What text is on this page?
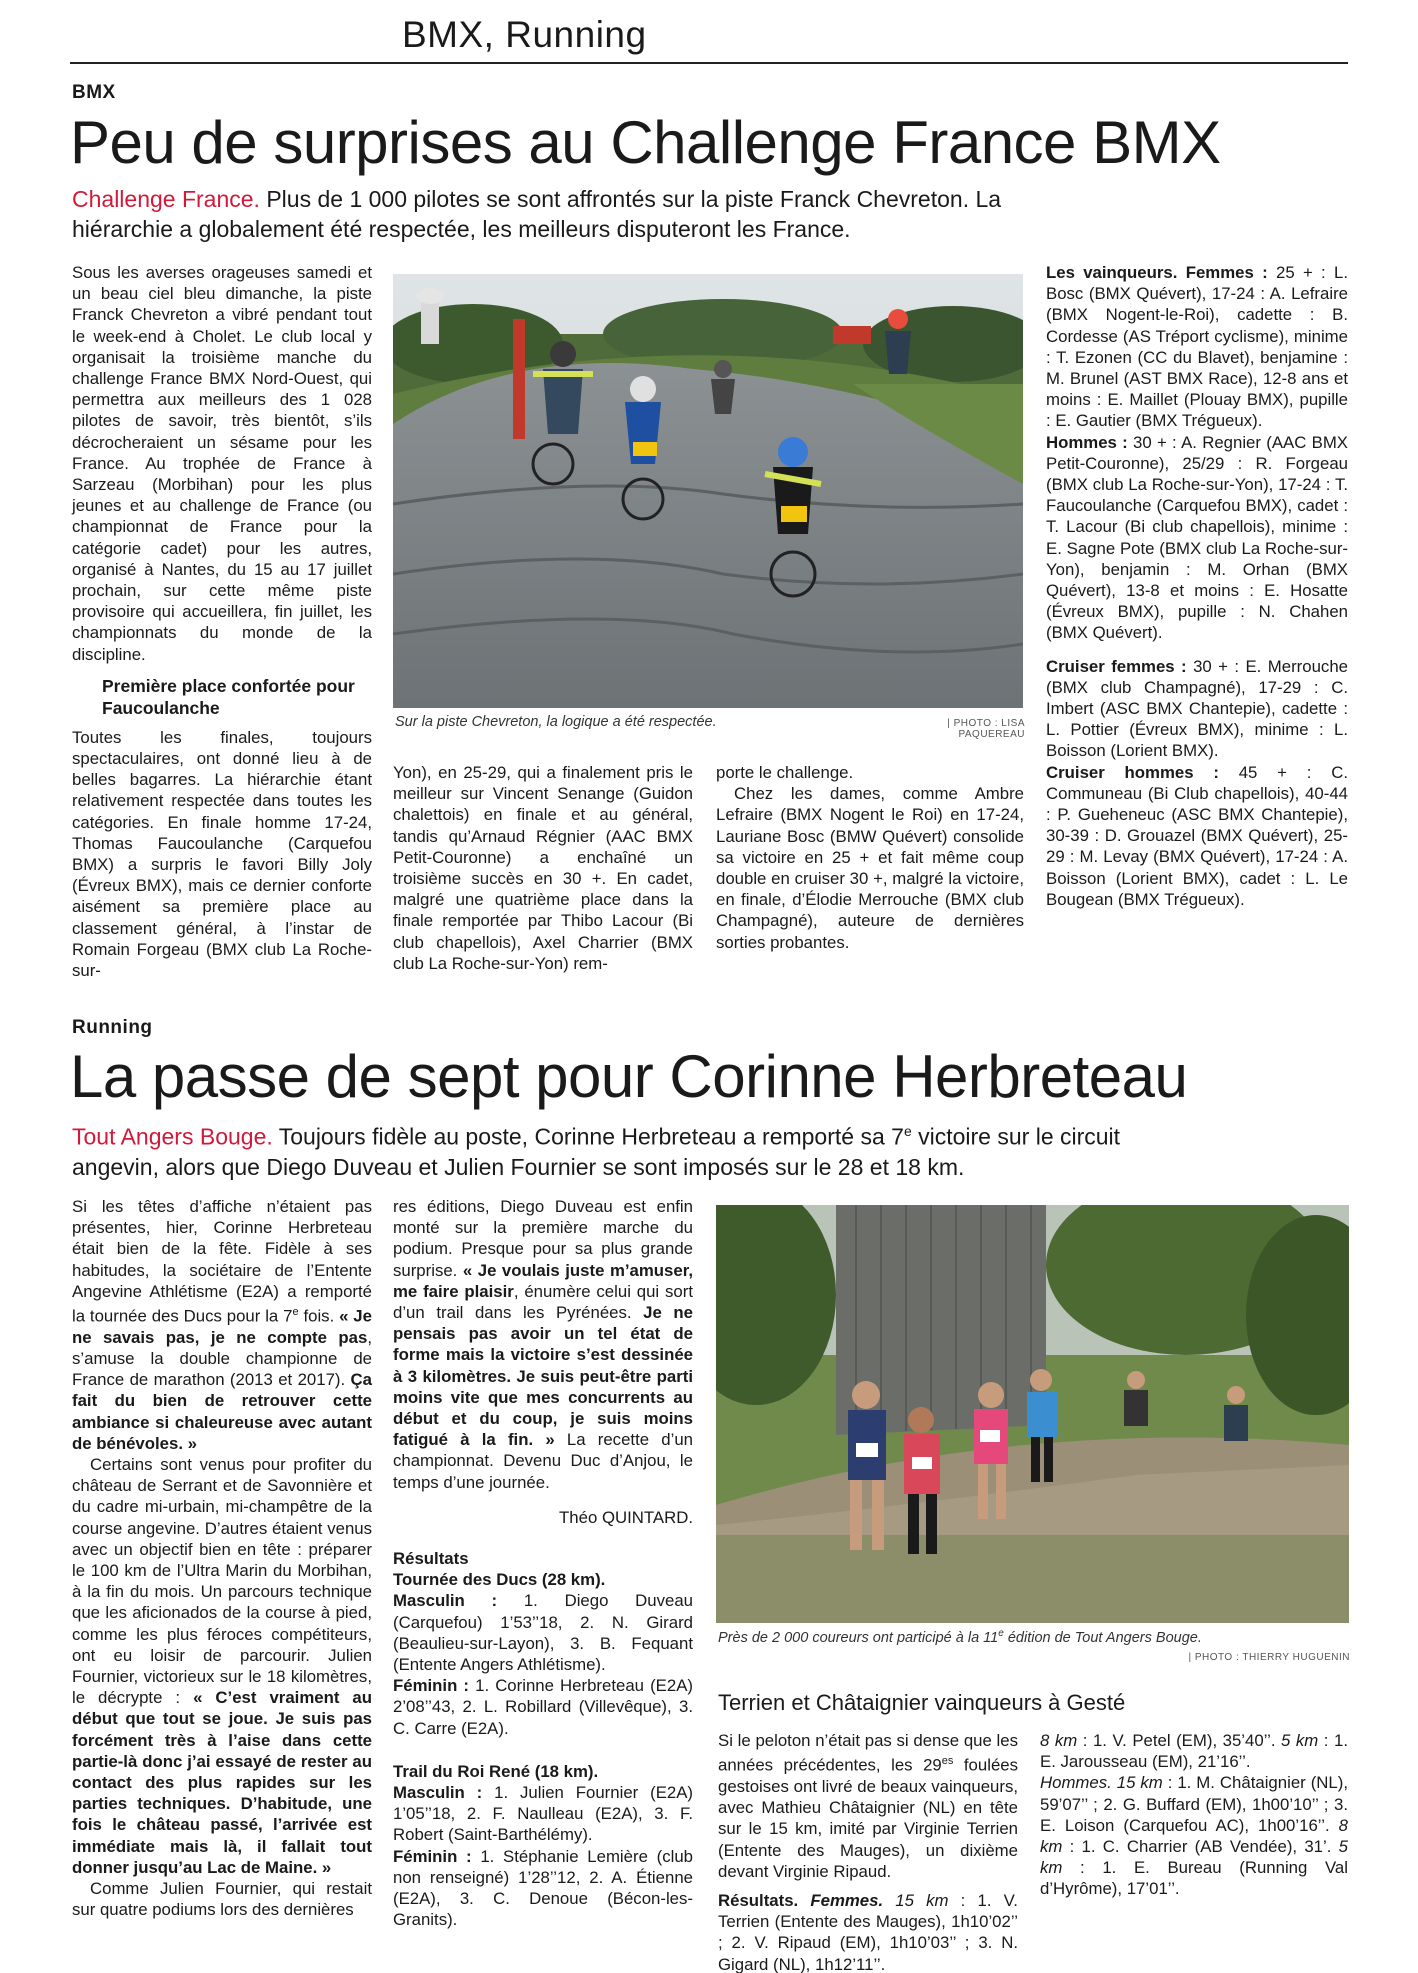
BMX, Running
BMX
Peu de surprises au Challenge France BMX
Challenge France. Plus de 1 000 pilotes se sont affrontés sur la piste Franck Chevreton. La hiérarchie a globalement été respectée, les meilleurs disputeront les France.

Sous les averses orageuses samedi et un beau ciel bleu dimanche, la piste Franck Chevreton a vibré pendant tout le week-end à Cholet. Le club local y organisait la troisième manche du challenge France BMX Nord-Ouest, qui permettra aux meilleurs des 1 028 pilotes de savoir, très bientôt, s’ils décrocheraient un sésame pour les France. Au trophée de France à Sarzeau (Morbihan) pour les plus jeunes et au challenge de France (ou championnat de France pour la catégorie cadet) pour les autres, organisé à Nantes, du 15 au 17 juillet prochain, sur cette même piste provisoire qui accueillera, fin juillet, les championnats du monde de la discipline.

Première place confortée pour Faucoulanche

Toutes les finales, toujours spectaculaires, ont donné lieu à de belles bagarres. La hiérarchie étant relativement respectée dans toutes les catégories. En finale homme 17-24, Thomas Faucoulanche (Carquefou BMX) a surpris le favori Billy Joly (Évreux BMX), mais ce dernier conforte aisément sa première place au classement général, à l’instar de Romain Forgeau (BMX club La Roche-sur-

Sur la piste Chevreton, la logique a été respectée.	| PHOTO : LISA PAQUEREAU

Yon), en 25-29, qui a finalement pris le meilleur sur Vincent Senange (Guidon chalettois) en finale et au général, tandis qu’Arnaud Régnier (AAC BMX Petit-Couronne) a enchaîné un troisième succès en 30 +. En cadet, malgré une quatrième place dans la finale remportée par Thibo Lacour (Bi club chapellois), Axel Charrier (BMX club La Roche-sur-Yon) rem-

porte le challenge.

Chez les dames, comme Ambre Lefraire (BMX Nogent le Roi) en 17-24, Lauriane Bosc (BMW Quévert) consolide sa victoire en 25 + et fait même coup double en cruiser 30 +, malgré la victoire, en finale, d’Élodie Merrouche (BMX club Champagné), auteure de dernières sorties probantes.

Les vainqueurs. Femmes : 25 + : L. Bosc (BMX Quévert), 17-24 : A. Lefraire (BMX Nogent-le-Roi), cadette : B. Cordesse (AS Tréport cyclisme), minime : T. Ezonen (CC du Blavet), benjamine : M. Brunel (AST BMX Race), 12-8 ans et moins : E. Maillet (Plouay BMX), pupille : E. Gautier (BMX Trégueux).

Hommes : 30 + : A. Regnier (AAC BMX Petit-Couronne), 25/29 : R. Forgeau (BMX club La Roche-sur-Yon), 17-24 : T. Faucoulanche (Carquefou BMX), cadet : T. Lacour (Bi club chapellois), minime : E. Sagne Pote (BMX club La Roche-sur-Yon), benjamin : M. Orhan (BMX Quévert), 13-8 et moins : E. Hosatte (Évreux BMX), pupille : N. Chahen (BMX Quévert).

Cruiser femmes : 30 + : E. Merrouche (BMX club Champagné), 17-29 : C. Imbert (ASC BMX Chantepie), cadette : L. Pottier (Évreux BMX), minime : L. Boisson (Lorient BMX).

Cruiser hommes : 45 + : C. Communeau (Bi Club chapellois), 40-44 : P. Gueheneuc (ASC BMX Chantepie), 30-39 : D. Grouazel (BMX Quévert), 25-29 : M. Levay (BMX Quévert), 17-24 : A. Boisson (Lorient BMX), cadet : L. Le Bougean (BMX Trégueux).

Running
La passe de sept pour Corinne Herbreteau
Tout Angers Bouge. Toujours fidèle au poste, Corinne Herbreteau a remporté sa 7e victoire sur le circuit angevin, alors que Diego Duveau et Julien Fournier se sont imposés sur le 28 et 18 km.

Si les têtes d’affiche n’étaient pas présentes, hier, Corinne Herbreteau était bien de la fête. Fidèle à ses habitudes, la sociétaire de l’Entente Angevine Athlétisme (E2A) a remporté la tournée des Ducs pour la 7e fois. « Je ne savais pas, je ne compte pas, s’amuse la double championne de France de marathon (2013 et 2017). Ça fait du bien de retrouver cette ambiance si chaleureuse avec autant de bénévoles. »

Certains sont venus pour profiter du château de Serrant et de Savonnière et du cadre mi-urbain, mi-champêtre de la course angevine. D’autres étaient venus avec un objectif bien en tête : préparer le 100 km de l’Ultra Marin du Morbihan, à la fin du mois. Un parcours technique que les aficionados de la course à pied, comme les plus féroces compétiteurs, ont eu loisir de parcourir. Julien Fournier, victorieux sur le 18 kilomètres, le décrypte : « C’est vraiment au début que tout se joue. Je suis pas forcément très à l’aise dans cette partie-là donc j’ai essayé de rester au contact des plus rapides sur les parties techniques. D’habitude, une fois le château passé, l’arrivée est immédiate mais là, il fallait tout donner jusqu’au Lac de Maine. »

Comme Julien Fournier, qui restait sur quatre podiums lors des dernières

res éditions, Diego Duveau est enfin monté sur la première marche du podium. Presque pour sa plus grande surprise. « Je voulais juste m’amuser, me faire plaisir, énumère celui qui sort d’un trail dans les Pyrénées. Je ne pensais pas avoir un tel état de forme mais la victoire s’est dessinée à 3 kilomètres. Je suis peut-être parti moins vite que mes concurrents au début et du coup, je suis moins fatigué à la fin. » La recette d’un championnat. Devenu Duc d’Anjou, le temps d’une journée.

Théo QUINTARD.

Résultats

Tournée des Ducs (28 km).

Masculin : 1. Diego Duveau (Carquefou) 1’53’’18, 2. N. Girard (Beaulieu-sur-Layon), 3. B. Fequant (Entente Angers Athlétisme).

Féminin : 1. Corinne Herbreteau (E2A) 2’08’’43, 2. L. Robillard (Villevêque), 3. C. Carre (E2A).

Trail du Roi René (18 km).

Masculin : 1. Julien Fournier (E2A) 1’05’’18, 2. F. Naulleau (E2A), 3. F. Robert (Saint-Barthélémy).

Féminin : 1. Stéphanie Lemière (club non renseigné) 1’28’’12, 2. A. Étienne (E2A), 3. C. Denoue (Bécon-les-Granits).

Près de 2 000 coureurs ont participé à la 11e édition de Tout Angers Bouge.
| PHOTO : THIERRY HUGUENIN
Terrien et Châtaignier vainqueurs à Gesté

Si le peloton n’était pas si dense que les années précédentes, les $29^{es}$ foulées gestoises ont livré de beaux vainqueurs, avec Mathieu Châtaignier (NL) en tête sur le 15 km, imité par Virginie Terrien (Entente des Mauges), un dixième devant Virginie Ripaud.

Résultats. Femmes. 15 km : 1. V. Terrien (Entente des Mauges), 1h10’02’’ ; 2. V. Ripaud (EM), 1h10’03’’ ; 3. N. Gigard (NL), 1h12’11’’.

8 km : 1. V. Petel (EM), 35’40’’. 5 km : 1. E. Jarousseau (EM), 21’16’’.

Hommes. 15 km : 1. M. Châtaignier (NL), 59’07’’ ; 2. G. Buffard (EM), 1h00’10’’ ; 3. E. Loison (Carquefou AC), 1h00’16’’. 8 km : 1. C. Charrier (AB Vendée), 31’. 5 km : 1. E. Bureau (Running Val d’Hyrôme), 17’01’’.
